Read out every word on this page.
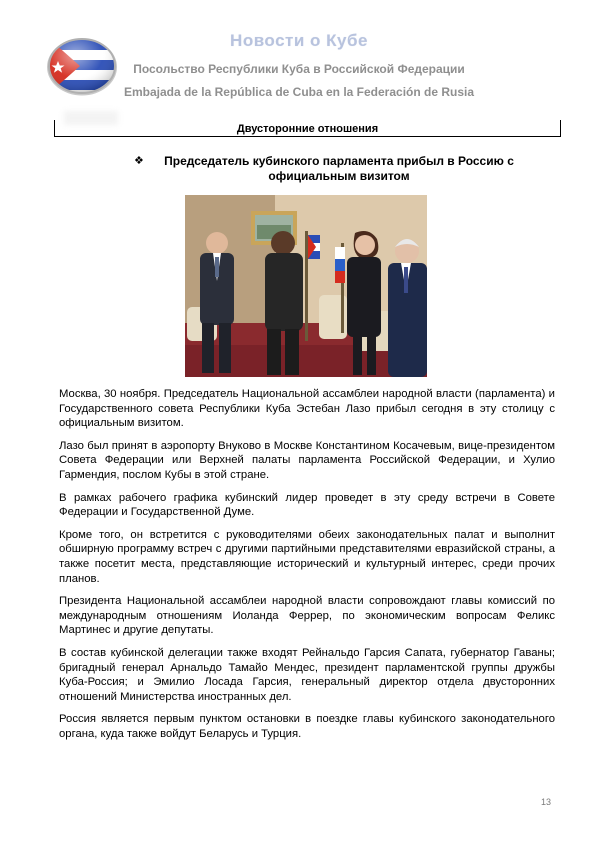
Новости о Кубе
Посольство Республики Куба в Российской Федерации
Embajada de la República de Cuba en la Federación de Rusia
Двусторонние отношения
❖	Председатель кубинского парламента прибыл в Россию с официальным визитом

Москва, 30 ноября. Председатель Национальной ассамблеи народной власти (парламента) и Государственного совета Республики Куба Эстебан Лазо прибыл сегодня в эту столицу с официальным визитом.

Лазо был принят в аэропорту Внуково в Москве Константином Косачевым, вице-президентом Совета Федерации или Верхней палаты парламента Российской Федерации, и Хулио Гармендия, послом Кубы в этой стране.

В рамках рабочего графика кубинский лидер проведет в эту среду встречи в Совете Федерации и Государственной Думе.

Кроме того, он встретится с руководителями обеих законодательных палат и выполнит обширную программу встреч с другими партийными представителями евразийской страны, а также посетит места, представляющие исторический и культурный интерес, среди прочих планов.

Президента Национальной ассамблеи народной власти сопровождают главы комиссий по международным отношениям Иоланда Феррер, по экономическим вопросам Феликс Мартинес и другие депутаты.

В состав кубинской делегации также входят Рейнальдо Гарсия Сапата, губернатор Гаваны; бригадный генерал Арнальдо Тамайо Мендес, президент парламентской группы дружбы Куба-Россия; и Эмилио Лосада Гарсия, генеральный директор отдела двусторонних отношений Министерства иностранных дел.

Россия является первым пунктом остановки в поездке главы кубинского законодательного органа, куда также войдут Беларусь и Турция.

13
